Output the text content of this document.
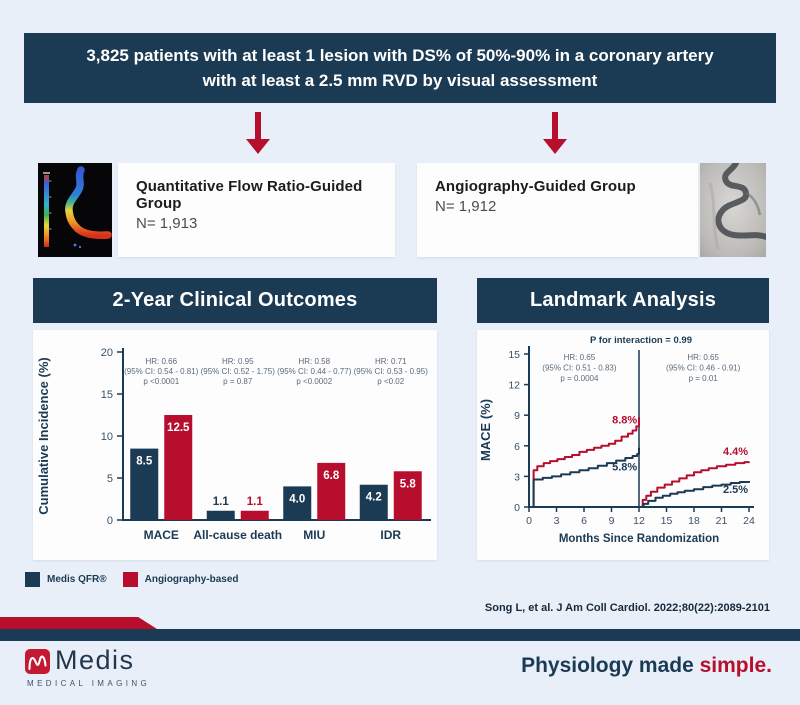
3,825 patients with at least 1 lesion with DS% of 50%-90% in a coronary artery
with at least a 2.5 mm RVD by visual assessment
Quantitative Flow Ratio-Guided Group
N= 1,913
Angiography-Guided Group
N= 1,912
2-Year Clinical Outcomes
0
5
10
15
20
Cumulative Incidence (%)	HR: 0.66
(95% CI: 0.54 - 0.81)
p <0.0001
8.5
12.5
MACE
HR: 0.95
(95% CI: 0.52 - 1.75)
p = 0.87
1.1 1.1
All-cause death
HR: 0.58
(95% CI: 0.44 - 0.77)
p <0.0002
4.0
6.8
MIU
HR: 0.71
(95% CI: 0.53 - 0.95)
p <0.02
4.2
5.8
IDR
Landmark Analysis
0
3
6
9
12
15
0 3 6 9 12 15 18 21 24
MACE (%)
Months Since Randomization
P for interaction = 0.99
HR: 0.65
(95% CI: 0.51 - 0.83)
p = 0.0004
HR: 0.65
(95% CI: 0.46 - 0.91)
p = 0.01
8.8%
5.8%
4.4%
2.5%
Medis QFR®	Angiography-based
Song L, et al. J Am Coll Cardiol. 2022;80(22):2089-2101
Medis
MEDICAL IMAGING
Physiology made simple.
